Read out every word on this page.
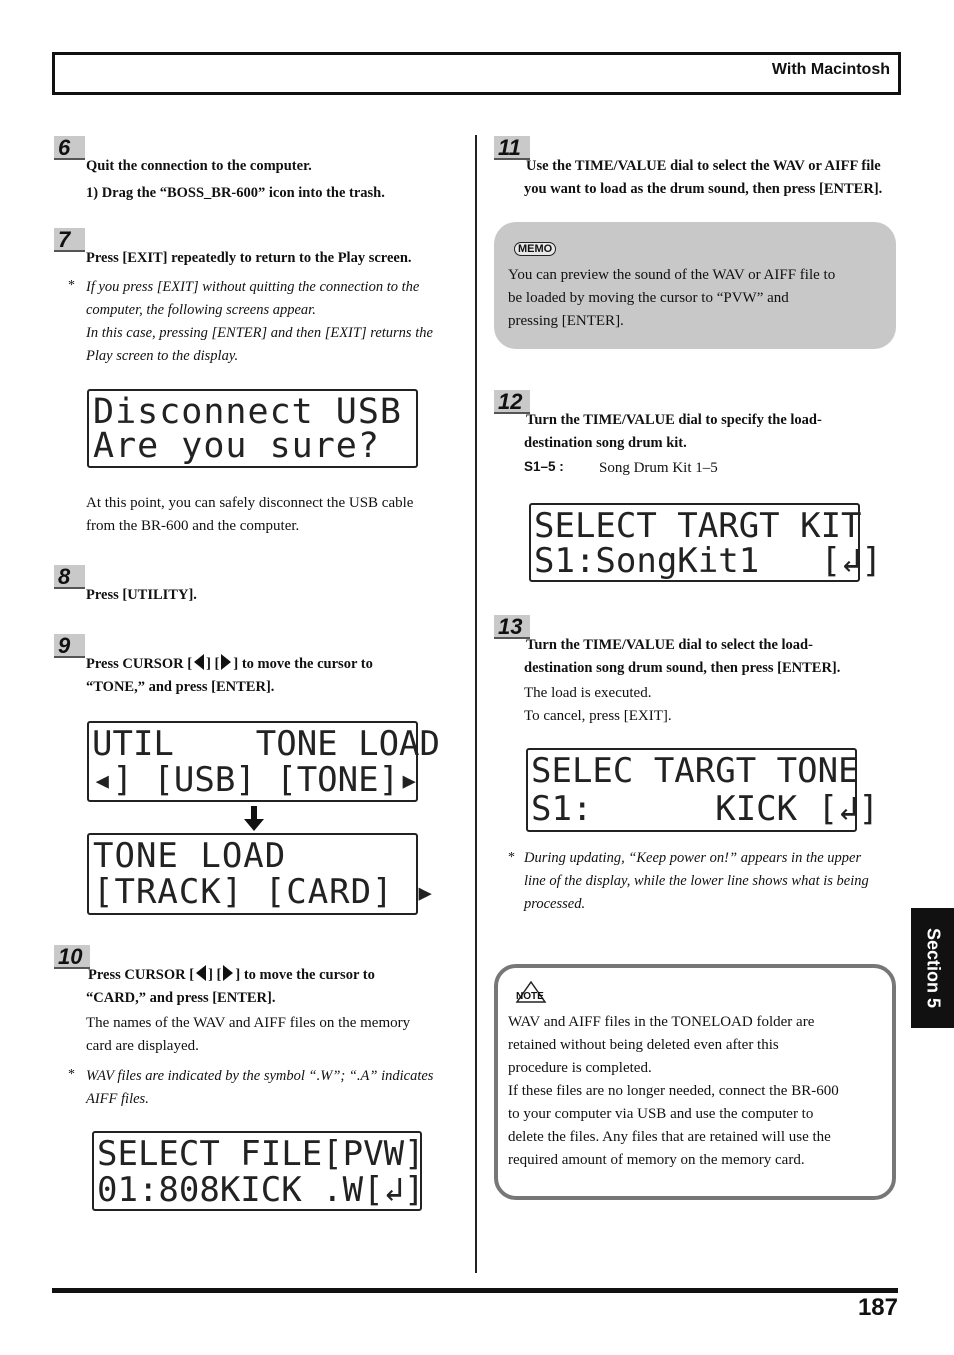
With Macintosh
6
Quit the connection to the computer.
1) Drag the “BOSS_BR-600” icon into the trash.
7
Press [EXIT] repeatedly to return to the Play screen.
* If you press [EXIT] without quitting the connection to the
computer, the following screens appear.
In this case, pressing [ENTER] and then [EXIT] returns the
Play screen to the display.
Disconnect USB
Are you sure?
At this point, you can safely disconnect the USB cable
from the BR-600 and the computer.
8
Press [UTILITY].
9
Press CURSOR [ ] [ ] to move the cursor to
“TONE,” and press [ENTER].
UTIL    TONE LOAD
◂] [USB] [TONE]▸
TONE LOAD
[TRACK] [CARD] ▸
10
Press CURSOR [ ] [ ] to move the cursor to
“CARD,” and press [ENTER].
The names of the WAV and AIFF files on the memory
card are displayed.
* WAV files are indicated by the symbol “.W”; “.A” indicates
AIFF files.
SELECT FILE[PVW]
01:808KICK .W[↲]
11
Use the TIME/VALUE dial to select the WAV or AIFF file
you want to load as the drum sound, then press [ENTER].
MEMO
You can preview the sound of the WAV or AIFF file to
be loaded by moving the cursor to “PVW” and
pressing [ENTER].
12
Turn the TIME/VALUE dial to specify the load-
destination song drum kit.
S1–5 : Song Drum Kit 1–5
SELECT TARGT KIT
S1:SongKit1   [↲]
13
Turn the TIME/VALUE dial to select the load-
destination song drum sound, then press [ENTER].
The load is executed.
To cancel, press [EXIT].
SELEC TARGT TONE
S1:      KICK [↲]
* During updating, “Keep power on!” appears in the upper
line of the display, while the lower line shows what is being
processed.
NOTE
WAV and AIFF files in the TONELOAD folder are
retained without being deleted even after this
procedure is completed.
If these files are no longer needed, connect the BR-600
to your computer via USB and use the computer to
delete the files. Any files that are retained will use the
required amount of memory on the memory card.
Section 5
187
